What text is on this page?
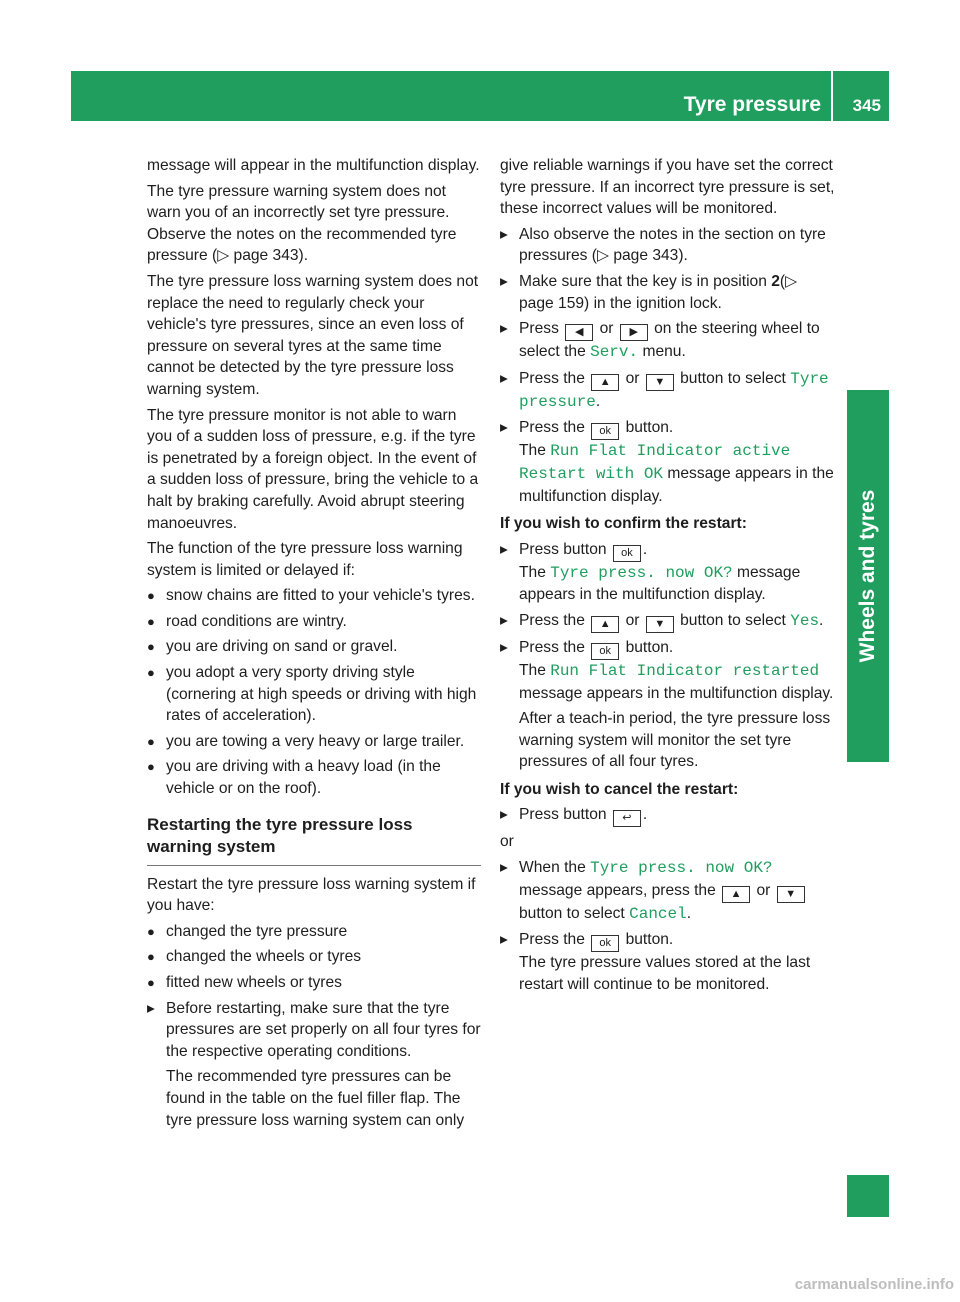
Tyre pressure 345
Wheels and tyres

message will appear in the multifunction display.

The tyre pressure warning system does not warn you of an incorrectly set tyre pressure. Observe the notes on the recommended tyre pressure (▷ page 343).

The tyre pressure loss warning system does not replace the need to regularly check your vehicle's tyre pressures, since an even loss of pressure on several tyres at the same time cannot be detected by the tyre pressure loss warning system.

The tyre pressure monitor is not able to warn you of a sudden loss of pressure, e.g. if the tyre is penetrated by a foreign object. In the event of a sudden loss of pressure, bring the vehicle to a halt by braking carefully. Avoid abrupt steering manoeuvres.

The function of the tyre pressure loss warning system is limited or delayed if:

● snow chains are fitted to your vehicle's tyres.
● road conditions are wintry.
● you are driving on sand or gravel.
● you adopt a very sporty driving style (cornering at high speeds or driving with high rates of acceleration).
● you are towing a very heavy or large trailer.
● you are driving with a heavy load (in the vehicle or on the roof).
Restarting the tyre pressure loss warning system

Restart the tyre pressure loss warning system if you have:

● changed the tyre pressure
● changed the wheels or tyres
● fitted new wheels or tyres
▸ Before restarting, make sure that the tyre pressures are set properly on all four tyres for the respective operating conditions.

The recommended tyre pressures can be found in the table on the fuel filler flap. The tyre pressure loss warning system can only

give reliable warnings if you have set the correct tyre pressure. If an incorrect tyre pressure is set, these incorrect values will be monitored.

▸ Also observe the notes in the section on tyre pressures (▷ page 343).
▸ Make sure that the key is in position 2(▷ page 159) in the ignition lock.
▸ Press ◀ or ▶ on the steering wheel to select the Serv. menu.
▸ Press the ▲ or ▼ button to select Tyre pressure.
▸ Press the ok button.
The Run Flat Indicator active Restart with OK message appears in the multifunction display.
If you wish to confirm the restart:
▸ Press button ok .
The Tyre press. now OK? message appears in the multifunction display.
▸ Press the ▲ or ▼ button to select Yes.
▸ Press the ok button.
The Run Flat Indicator restarted message appears in the multifunction display.

After a teach-in period, the tyre pressure loss warning system will monitor the set tyre pressures of all four tyres.

If you wish to cancel the restart:
▸ Press button ↩ .

or

▸ When the Tyre press. now OK? message appears, press the ▲ or ▼ button to select Cancel.
▸ Press the ok button.
The tyre pressure values stored at the last restart will continue to be monitored.
carmanualsonline.info
